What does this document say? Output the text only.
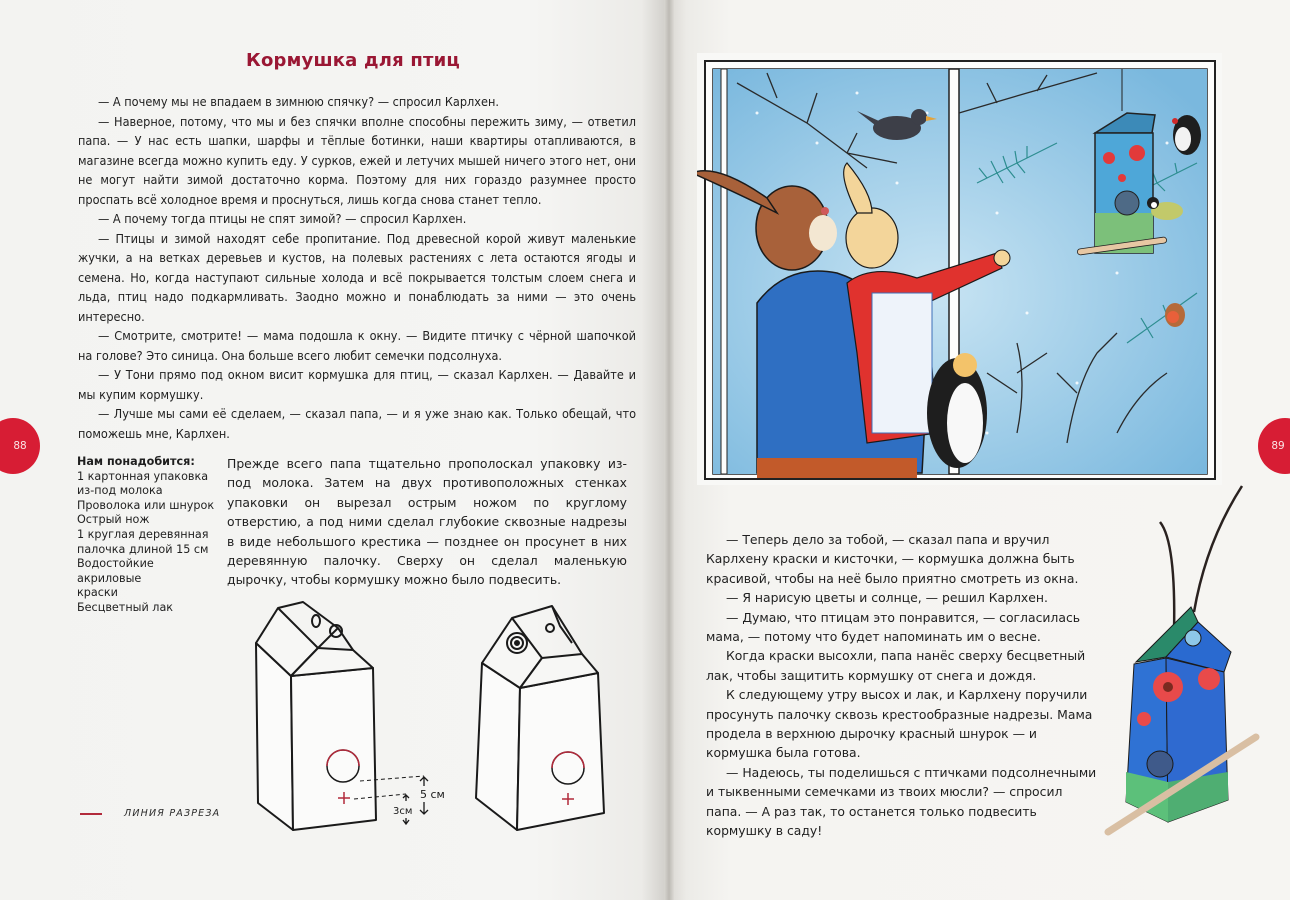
Кормушка для птиц

— А почему мы не впадаем в зимнюю спячку? — спросил Карлхен.

— Наверное, потому, что мы и без спячки вполне способны пережить зиму, — ответил папа. — У нас есть шапки, шарфы и тёплые ботинки, наши квартиры отапливаются, в магазине всегда можно купить еду. У сурков, ежей и летучих мышей ничего этого нет, они не могут найти зимой достаточно корма. Поэтому для них гораздо разумнее просто проспать всё холодное время и проснуться, лишь когда снова станет тепло.

— А почему тогда птицы не спят зимой? — спросил Карлхен.

— Птицы и зимой находят себе пропитание. Под древесной корой живут маленькие жучки, а на ветках деревьев и кустов, на полевых растениях с лета остаются ягоды и семена. Но, когда наступают сильные холода и всё покрывается толстым слоем снега и льда, птиц надо подкармливать. Заодно можно и понаблюдать за ними — это очень интересно.

— Смотрите, смотрите! — мама подошла к окну. — Видите птичку с чёрной шапочкой на голове? Это синица. Она больше всего любит семечки подсолнуха.

— У Тони прямо под окном висит кормушка для птиц, — сказал Карлхен. — Давайте и мы купим кормушку.

— Лучше мы сами её сделаем, — сказал папа, — и я уже знаю как. Только обещай, что поможешь мне, Карлхен.

88
Нам понадобится:
1 картонная упаковка
из-под молока
Проволока или шнурок
Острый нож
1 круглая деревянная
палочка длиной 15 см
Водостойкие акриловые
краски
Бесцветный лак

Прежде всего папа тщательно прополоскал упаковку из-под молока. Затем на двух противоположных стенках упаковки он вырезал острым ножом по круглому отверстию, а под ними сделал глубокие сквозные надрезы в виде небольшого крестика — позднее он просунет в них деревянную палочку. Сверху он сделал маленькую дырочку, чтобы кормушку можно было подвесить.

5 см
3см
ЛИНИЯ РАЗРЕЗА
89

— Теперь дело за тобой, — сказал папа и вручил Карлхену краски и кисточки, — кормушка должна быть красивой, чтобы на неё было приятно смотреть из окна.

— Я нарисую цветы и солнце, — решил Карлхен.

— Думаю, что птицам это понравится, — согласилась мама, — потому что будет напоминать им о весне.

Когда краски высохли, папа нанёс сверху бесцветный лак, чтобы защитить кормушку от снега и дождя.

К следующему утру высох и лак, и Карлхену поручили просунуть палочку сквозь крестообразные надрезы. Мама продела в верхнюю дырочку красный шнурок — и кормушка была готова.

— Надеюсь, ты поделишься с птичками подсолнечными и тыквенными семечками из твоих мюсли? — спросил папа. — А раз так, то останется только подвесить кормушку в саду!
